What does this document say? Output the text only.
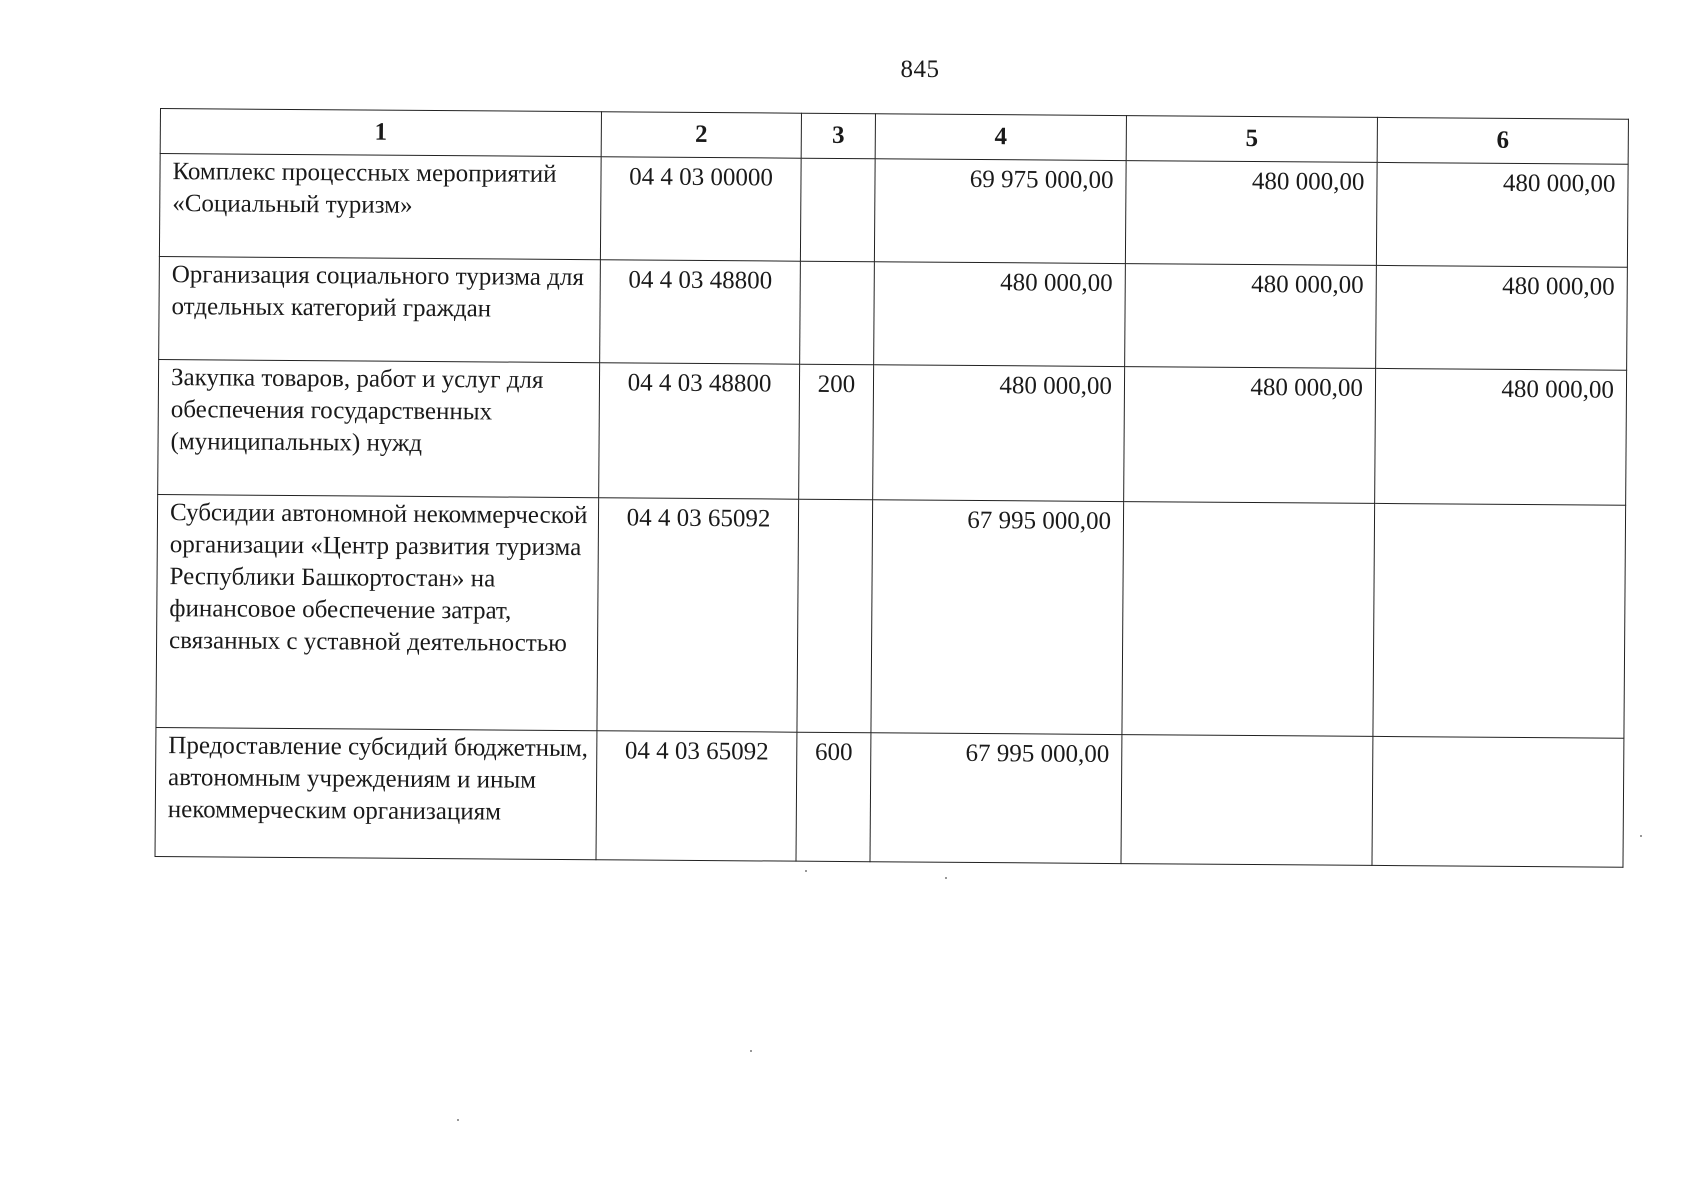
845
1	2	3	4	5	6
Комплекс процессных мероприятий «Социальный туризм»	04 4 03 00000		69 975 000,00	480 000,00	480 000,00
Организация социального туризма для отдельных категорий граждан	04 4 03 48800		480 000,00	480 000,00	480 000,00
Закупка товаров, работ и услуг для обеспечения государственных (муниципальных) нужд	04 4 03 48800	200	480 000,00	480 000,00	480 000,00
Субсидии автономной некоммерческой организации «Центр развития туризма Республики Башкортостан» на финансовое обеспечение затрат, связанных с уставной деятельностью	04 4 03 65092		67 995 000,00		
Предоставление субсидий бюджетным, автономным учреждениям и иным некоммерческим организациям	04 4 03 65092	600	67 995 000,00		
